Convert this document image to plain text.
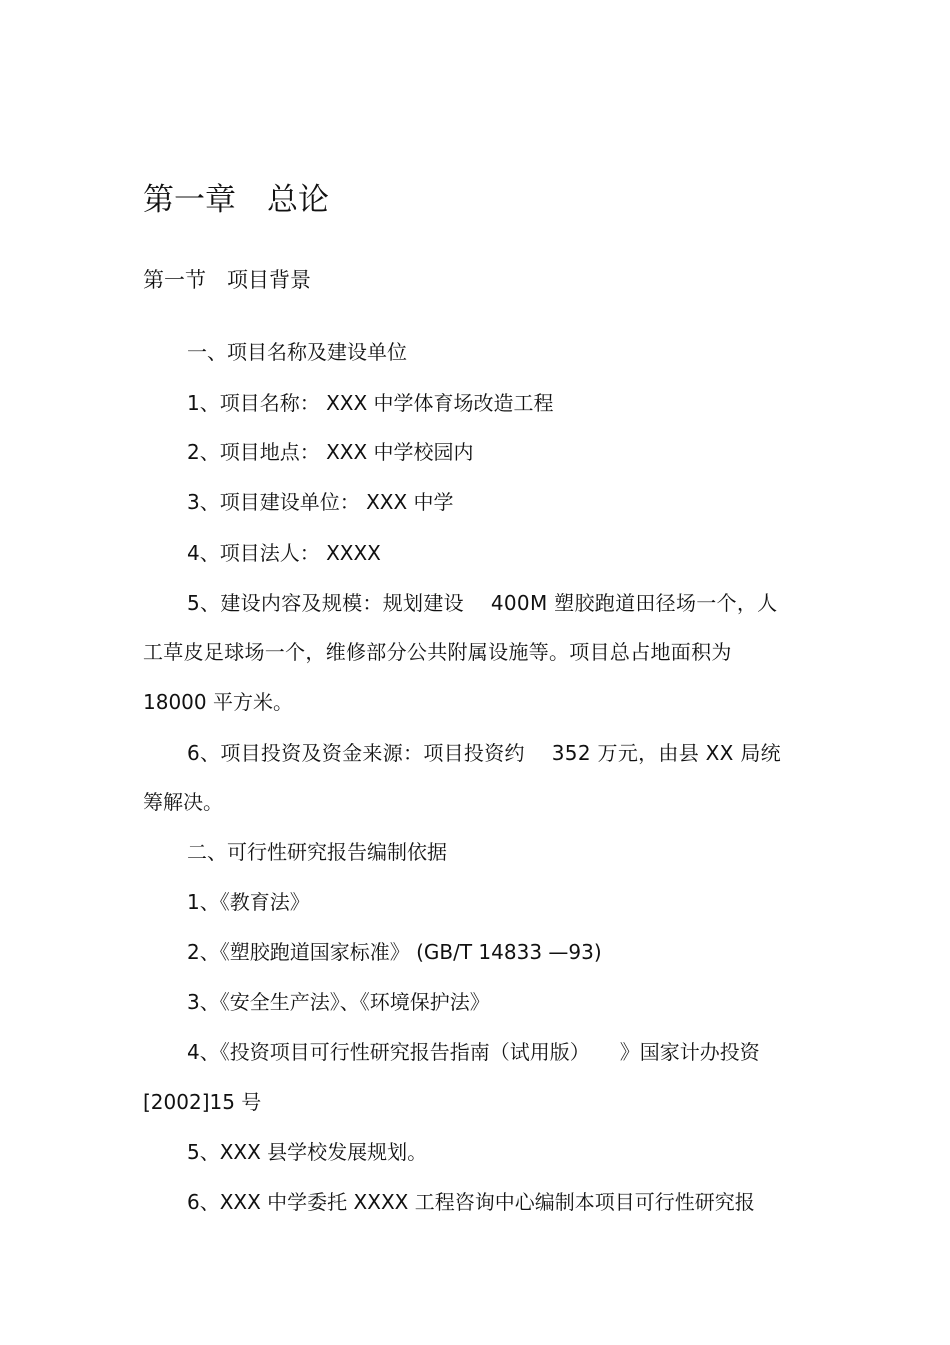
第一章　总论
第一节　项目背景
一、项目名称及建设单位
1、项目名称： XXX 中学体育场改造工程
2、项目地点： XXX 中学校园内
3、项目建设单位： XXX 中学
4、项目法人： XXXX
5、建设内容及规模：规划建设　 400M 塑胶跑道田径场一个，人
工草皮足球场一个，维修部分公共附属设施等。项目总占地面积为
18000 平方米。
6、项目投资及资金来源：项目投资约　 352 万元，由县 XX 局统
筹解决。
二、可行性研究报告编制依据
1、《教育法》
2、《塑胶跑道国家标准》 (GB/T 14833 —93)
3、《安全生产法》、《环境保护法》
4、《投资项目可行性研究报告指南（试用版）　　》国家计办投资
[2002]15 号
5、XXX 县学校发展规划。
6、XXX 中学委托 XXXX 工程咨询中心编制本项目可行性研究报
